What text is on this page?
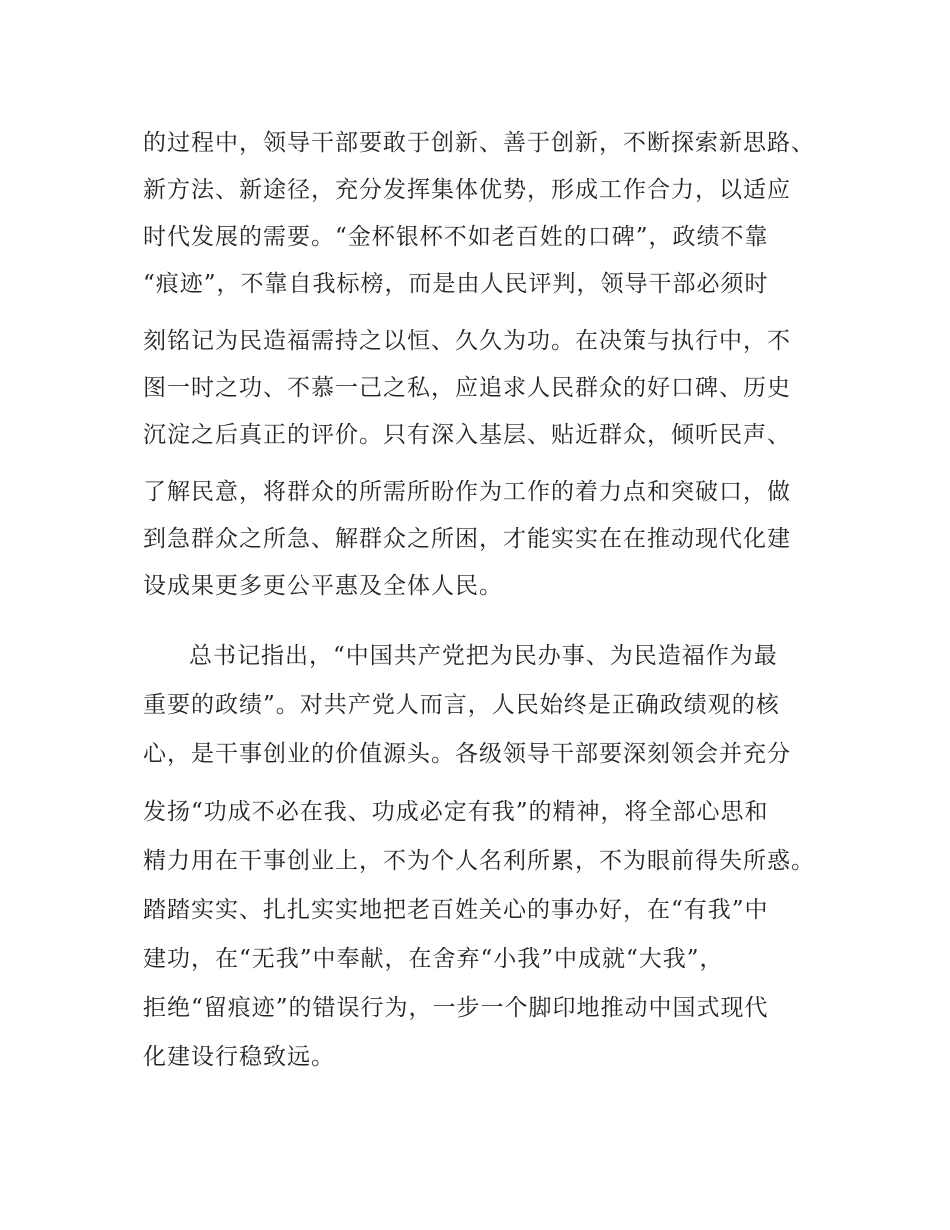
的过程中，领导干部要敢于创新、善于创新，不断探索新思路、
新方法、新途径，充分发挥集体优势，形成工作合力，以适应
时代发展的需要。“金杯银杯不如老百姓的口碑”，政绩不靠
“痕迹”，不靠自我标榜，而是由人民评判，领导干部必须时
刻铭记为民造福需持之以恒、久久为功。在决策与执行中，不
图一时之功、不慕一己之私，应追求人民群众的好口碑、历史
沉淀之后真正的评价。只有深入基层、贴近群众，倾听民声、
了解民意，将群众的所需所盼作为工作的着力点和突破口，做
到急群众之所急、解群众之所困，才能实实在在推动现代化建
设成果更多更公平惠及全体人民。
总书记指出，“中国共产党把为民办事、为民造福作为最
重要的政绩”。对共产党人而言，人民始终是正确政绩观的核
心，是干事创业的价值源头。各级领导干部要深刻领会并充分
发扬“功成不必在我、功成必定有我”的精神，将全部心思和
精力用在干事创业上，不为个人名利所累，不为眼前得失所惑。
踏踏实实、扎扎实实地把老百姓关心的事办好，在“有我”中
建功，在“无我”中奉献，在舍弃“小我”中成就“大我”，
拒绝“留痕迹”的错误行为，一步一个脚印地推动中国式现代
化建设行稳致远。
